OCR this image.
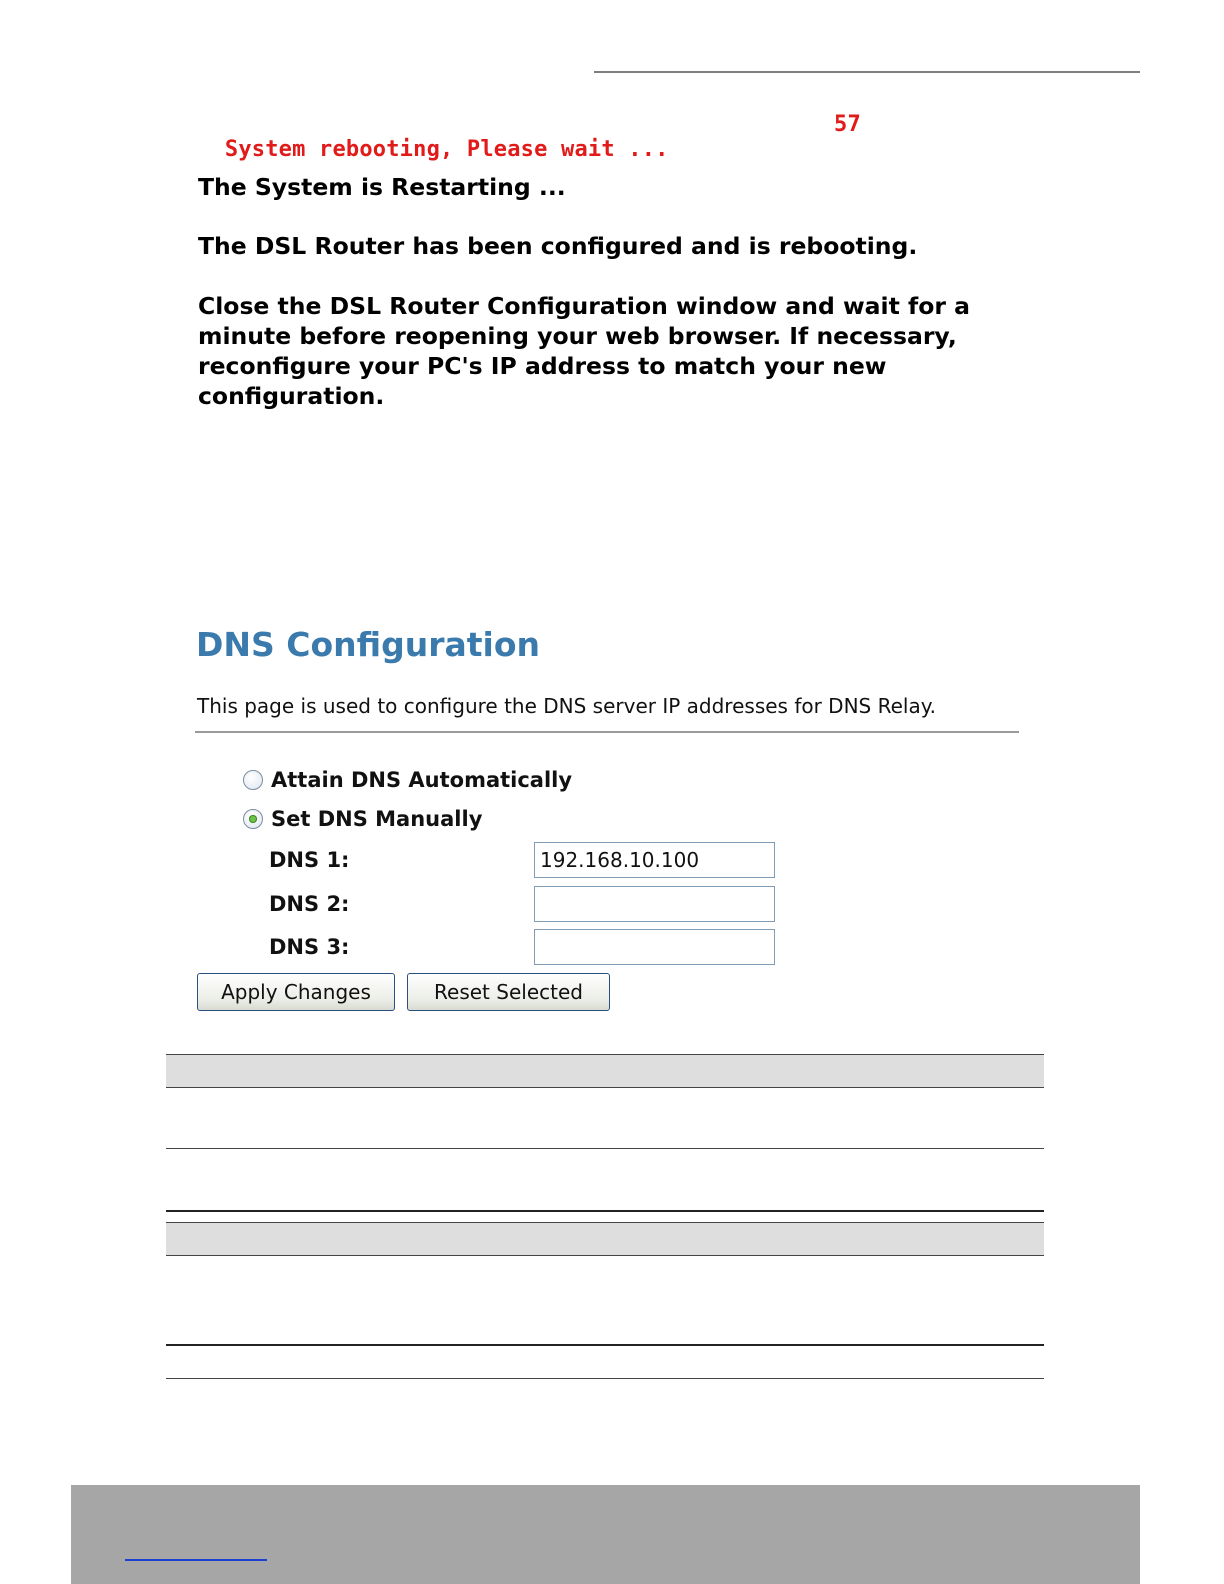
System rebooting, Please wait ...

57

The System is Restarting ...
The DSL Router has been configured and is rebooting.
Close the DSL Router Configuration window and wait for a minute before reopening your web browser. If necessary, reconfigure your PC's IP address to match your new configuration.
DNS Configuration
This page is used to configure the DNS server IP addresses for DNS Relay.
Attain DNS Automatically
Set DNS Manually
DNS 1:
192.168.10.100
DNS 2:
DNS 3:
Apply Changes	Reset Selected
